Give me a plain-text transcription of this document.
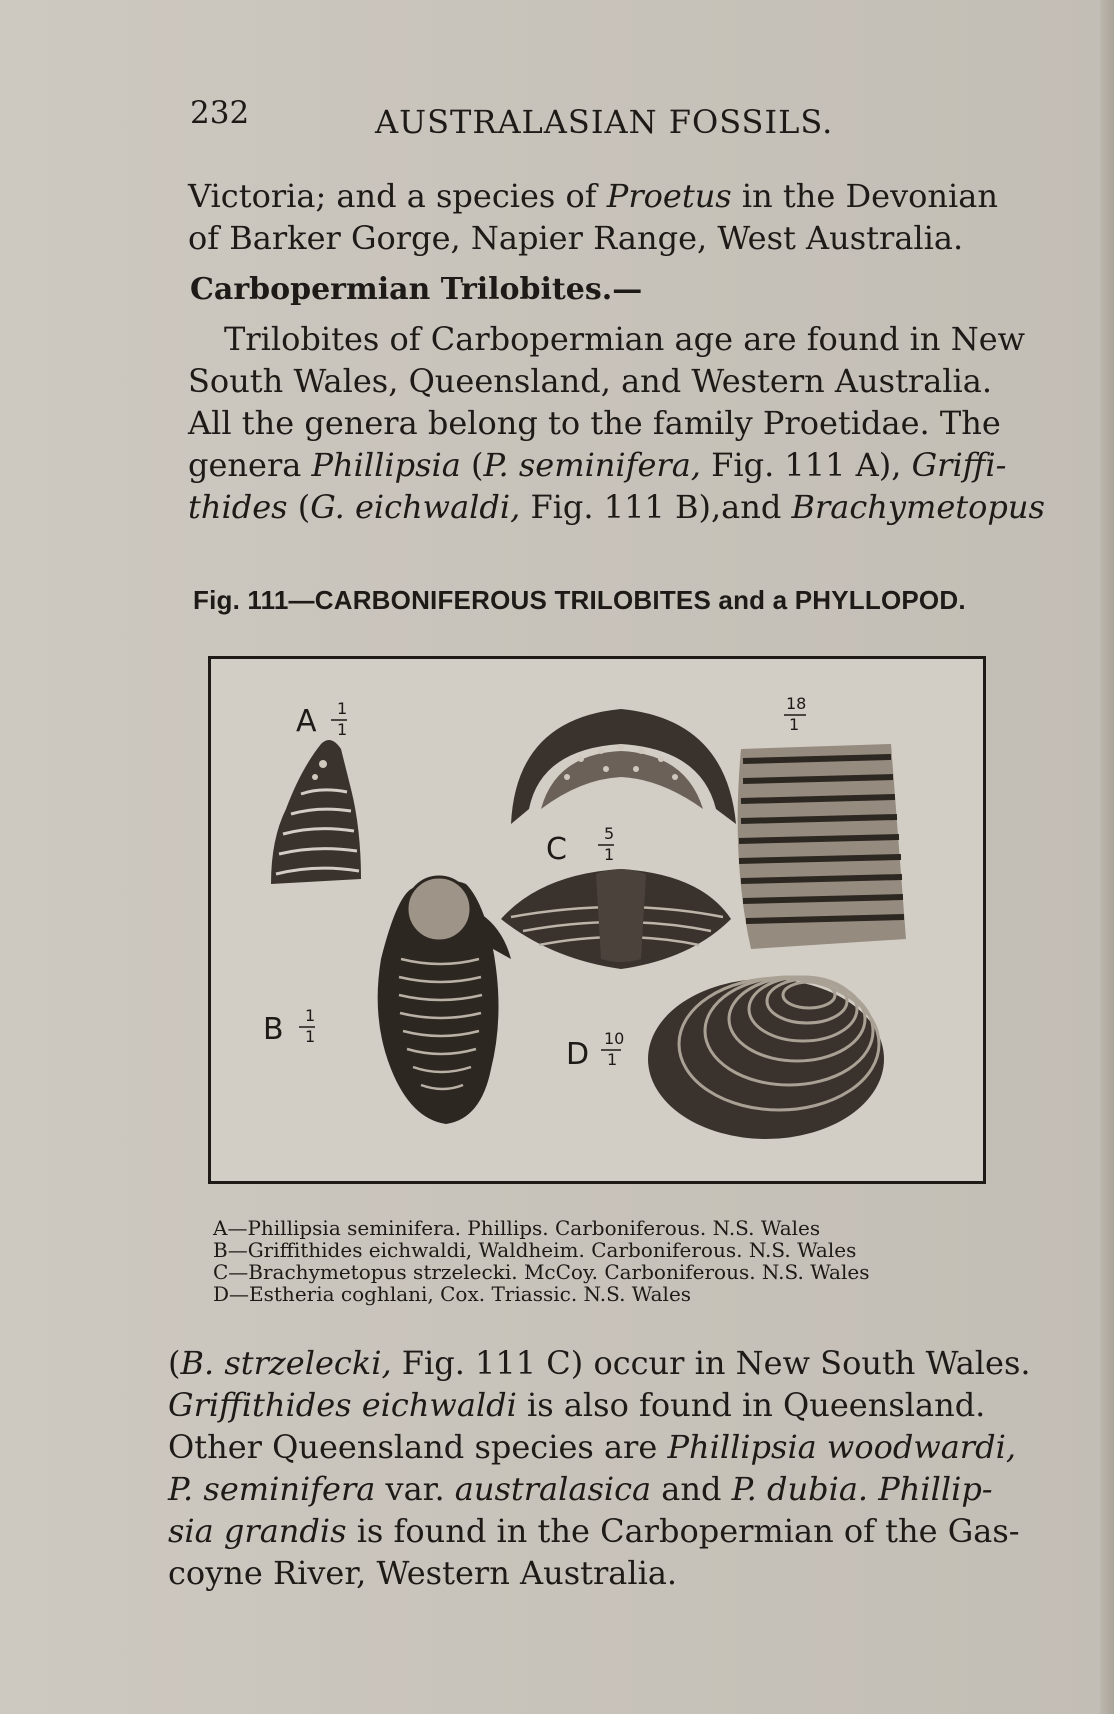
232	AUSTRALASIAN FOSSILS.
Victoria; and a species of Proetus in the Devonian
of Barker Gorge, Napier Range, West Australia.
Carbopermian Trilobites.—
Trilobites of Carbopermian age are found in New
South Wales, Queensland, and Western Australia.
All the genera belong to the family Proetidae. The
genera Phillipsia (P. seminifera, Fig. 111 A), Griffi-
thides (G. eichwaldi, Fig. 111 B),and Brachymetopus
Fig. 111—CARBONIFEROUS TRILOBITES and a PHYLLOPOD.
A 1
1
B 1
1
C 5
1
18
1
D 10
1
A—Phillipsia seminifera. Phillips. Carboniferous. N.S. Wales
B—Griffithides eichwaldi, Waldheim. Carboniferous. N.S. Wales
C—Brachymetopus strzelecki. McCoy. Carboniferous. N.S. Wales
D—Estheria coghlani, Cox. Triassic. N.S. Wales
(B. strzelecki, Fig. 111 C) occur in New South Wales.
Griffithides eichwaldi is also found in Queensland.
Other Queensland species are Phillipsia woodwardi,
P. seminifera var. australasica and P. dubia. Phillip-
sia grandis is found in the Carbopermian of the Gas-
coyne River, Western Australia.
